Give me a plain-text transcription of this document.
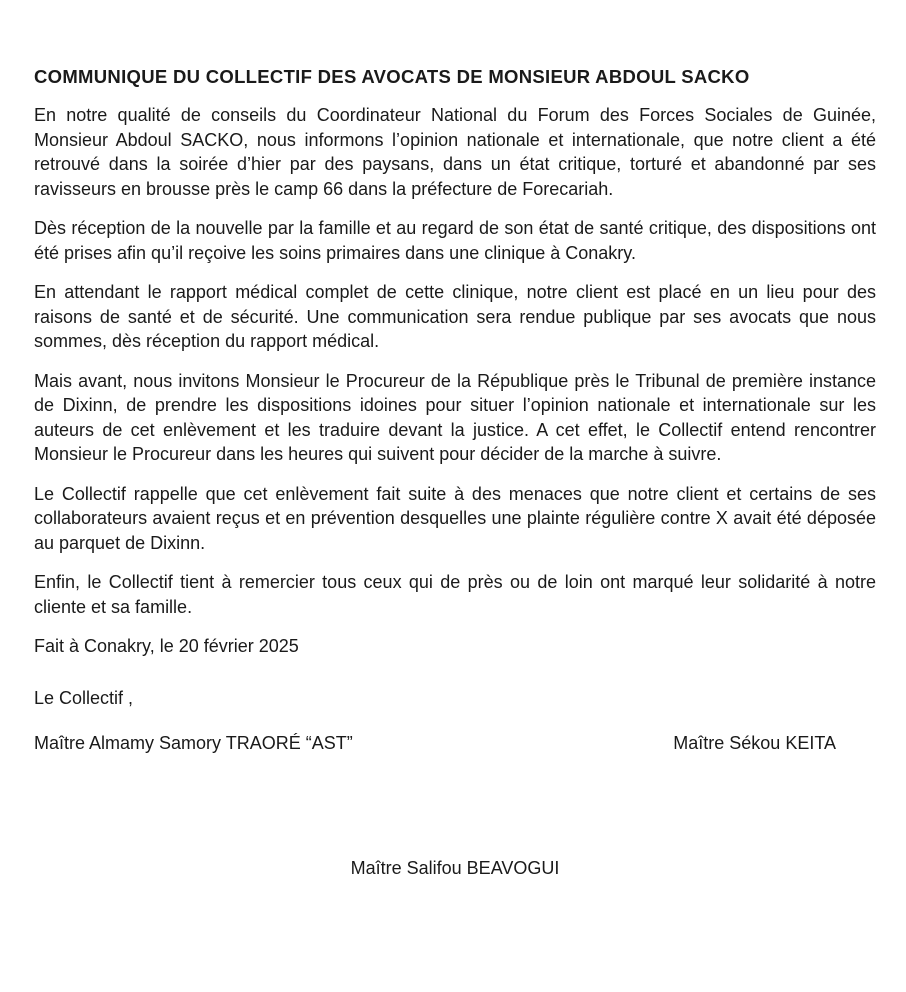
COMMUNIQUE DU COLLECTIF DES AVOCATS DE MONSIEUR ABDOUL SACKO

En notre qualité de conseils du Coordinateur National du Forum des Forces Sociales de Guinée, Monsieur Abdoul SACKO, nous informons l’opinion nationale et internationale, que notre client a été retrouvé dans la soirée d’hier par des paysans, dans un état critique, torturé et abandonné par ses ravisseurs en brousse près le camp 66 dans la préfecture de Forecariah.

Dès réception de la nouvelle par la famille et au regard de son état de santé critique, des dispositions ont été prises afin qu’il reçoive les soins primaires dans une clinique à Conakry.

En attendant le rapport médical complet de cette clinique, notre client est placé en un lieu pour des raisons de santé et de sécurité. Une communication sera rendue publique par ses avocats que nous sommes, dès réception du rapport médical.

Mais avant, nous invitons Monsieur le Procureur de la République près le Tribunal de première instance de Dixinn, de prendre les dispositions idoines pour situer l’opinion nationale et internationale sur les auteurs de cet enlèvement et les traduire devant la justice. A cet effet, le Collectif entend rencontrer Monsieur le Procureur dans les heures qui suivent pour décider de la marche à suivre.

Le Collectif rappelle que cet enlèvement fait suite à des menaces que notre client et certains de ses collaborateurs avaient reçus et en prévention desquelles une plainte régulière contre X avait été déposée au parquet de Dixinn.

Enfin, le Collectif tient à remercier tous ceux qui de près ou de loin ont marqué leur solidarité à notre cliente et sa famille.

Fait à Conakry, le 20 février 2025

Le Collectif ,

Maître Almamy Samory TRAORÉ “AST”	Maître Sékou KEITA
Maître Salifou BEAVOGUI
